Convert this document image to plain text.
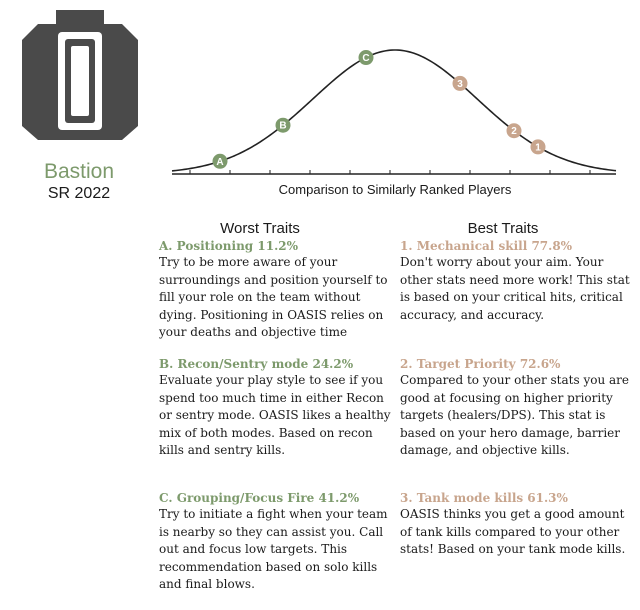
Bastion
SR 2022
A
B
C
3
2
1
Comparison to Similarly Ranked Players
Worst Traits	Best Traits
A. Positioning 11.2%
Try to be more aware of your surroundings and position yourself to fill your role on the team without dying. Positioning in OASIS relies on your deaths and objective time
B. Recon/Sentry mode 24.2%
Evaluate your play style to see if you spend too much time in either Recon or sentry mode. OASIS likes a healthy mix of both modes. Based on recon kills and sentry kills.
C. Grouping/Focus Fire 41.2%
Try to initiate a fight when your team is nearby so they can assist you. Call out and focus low targets. This recommendation based on solo kills and final blows.
1. Mechanical skill 77.8%
Don't worry about your aim. Your other stats need more work! This stat is based on your critical hits, critical accuracy, and accuracy.
2. Target Priority 72.6%
Compared to your other stats you are good at focusing on higher priority targets (healers/DPS). This stat is based on your hero damage, barrier damage, and objective kills.
3. Tank mode kills 61.3%
OASIS thinks you get a good amount of tank kills compared to your other stats! Based on your tank mode kills.
